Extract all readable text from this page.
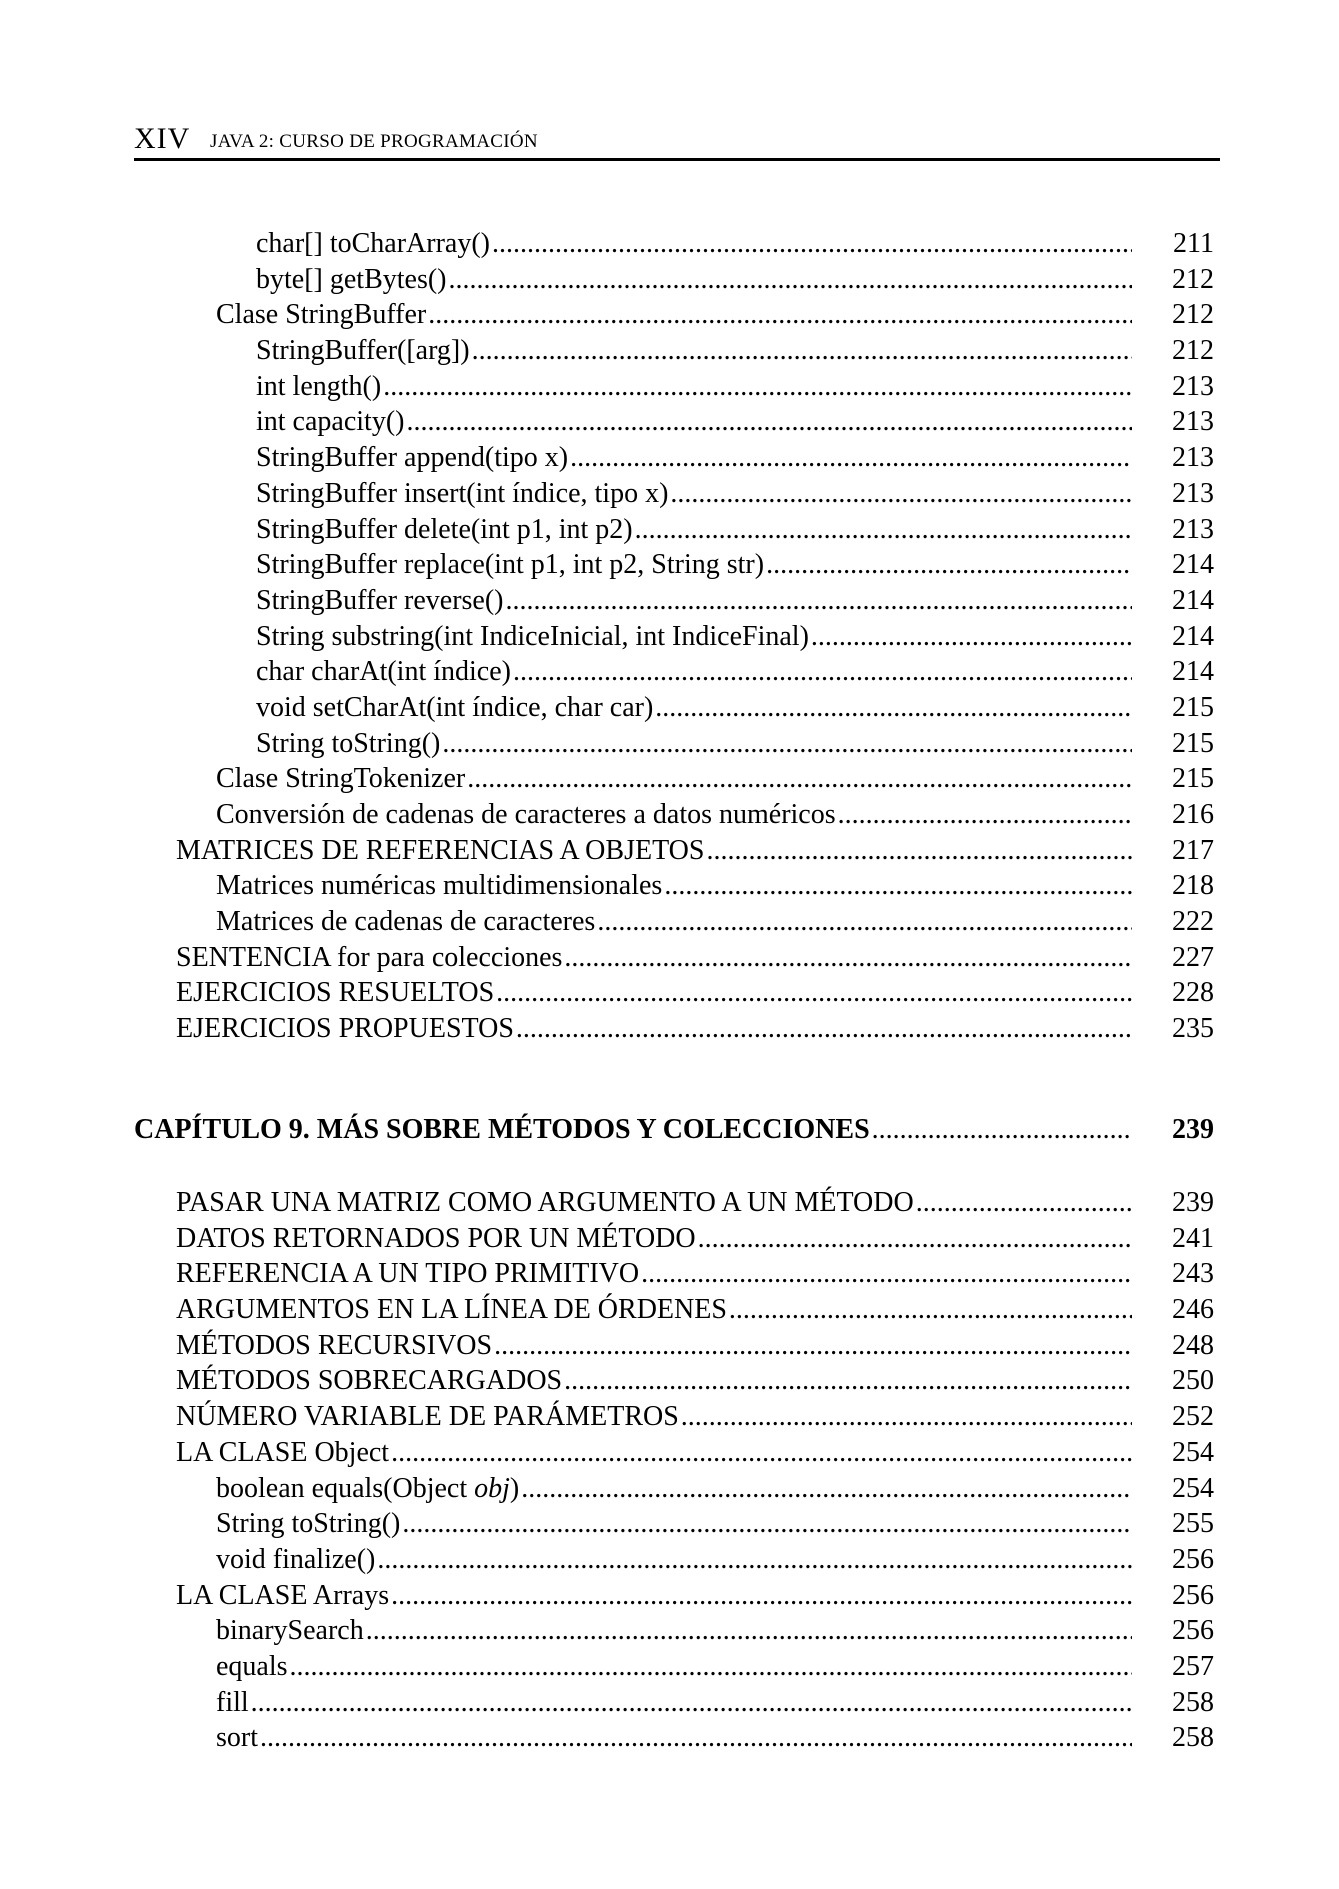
XIV JAVA 2: CURSO DE PROGRAMACIÓN
char[] toCharArray() .....	211
byte[] getBytes() .....	212
Clase StringBuffer .....	212
StringBuffer([arg]) .....	212
int length() .....	213
int capacity() .....	213
StringBuffer append(tipo x) .....	213
StringBuffer insert(int índice, tipo x) .....	213
StringBuffer delete(int p1, int p2) .....	213
StringBuffer replace(int p1, int p2, String str) .....	214
StringBuffer reverse() .....	214
String substring(int IndiceInicial, int IndiceFinal) .....	214
char charAt(int índice) .....	214
void setCharAt(int índice, char car) .....	215
String toString() .....	215
Clase StringTokenizer .....	215
Conversión de cadenas de caracteres a datos numéricos .....	216
MATRICES DE REFERENCIAS A OBJETOS .....	217
Matrices numéricas multidimensionales .....	218
Matrices de cadenas de caracteres .....	222
SENTENCIA for para colecciones .....	227
EJERCICIOS RESUELTOS .....	228
EJERCICIOS PROPUESTOS .....	235
CAPÍTULO 9. MÁS SOBRE MÉTODOS Y COLECCIONES .....	239
PASAR UNA MATRIZ COMO ARGUMENTO A UN MÉTODO .....	239
DATOS RETORNADOS POR UN MÉTODO .....	241
REFERENCIA A UN TIPO PRIMITIVO .....	243
ARGUMENTOS EN LA LÍNEA DE ÓRDENES .....	246
MÉTODOS RECURSIVOS .....	248
MÉTODOS SOBRECARGADOS .....	250
NÚMERO VARIABLE DE PARÁMETROS .....	252
LA CLASE Object .....	254
boolean equals(Object obj) .....	254
String toString() .....	255
void finalize() .....	256
LA CLASE Arrays .....	256
binarySearch .....	256
equals .....	257
fill .....	258
sort .....	258
